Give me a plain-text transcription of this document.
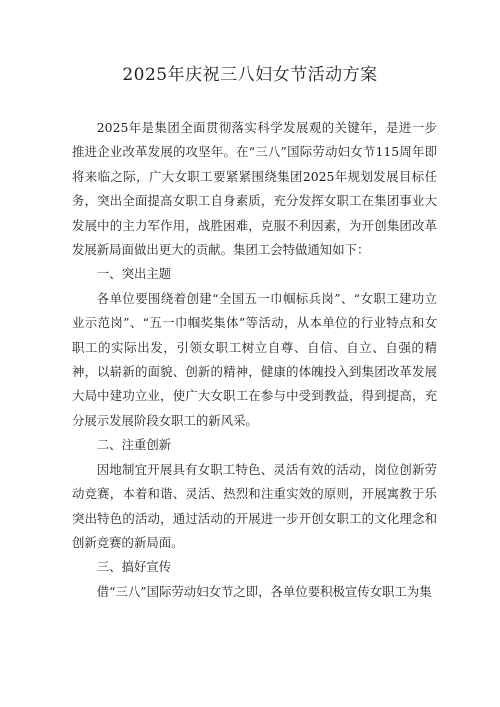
2025年庆祝三八妇女节活动方案

2025年是集团全面贯彻落实科学发展观的关键年，是进一步推进企业改革发展的攻坚年。在“三八”国际劳动妇女节115周年即将来临之际，广大女职工要紧紧围绕集团2025年规划发展目标任务，突出全面提高女职工自身素质，充分发挥女职工在集团事业大发展中的主力军作用，战胜困难，克服不利因素，为开创集团改革发展新局面做出更大的贡献。集团工会特做通知如下：

一、突出主题

各单位要围绕着创建“全国五一巾帼标兵岗”、“女职工建功立业示范岗”、“五一巾帼奖集体”等活动，从本单位的行业特点和女职工的实际出发，引领女职工树立自尊、自信、自立、自强的精神，以崭新的面貌、创新的精神，健康的体魄投入到集团改革发展大局中建功立业，使广大女职工在参与中受到教益，得到提高，充分展示发展阶段女职工的新风采。

二、注重创新

因地制宜开展具有女职工特色、灵活有效的活动，岗位创新劳动竞赛，本着和谐、灵活、热烈和注重实效的原则，开展寓教于乐突出特色的活动，通过活动的开展进一步开创女职工的文化理念和创新竞赛的新局面。

三、搞好宣传

借“三八”国际劳动妇女节之即，各单位要积极宣传女职工为集
